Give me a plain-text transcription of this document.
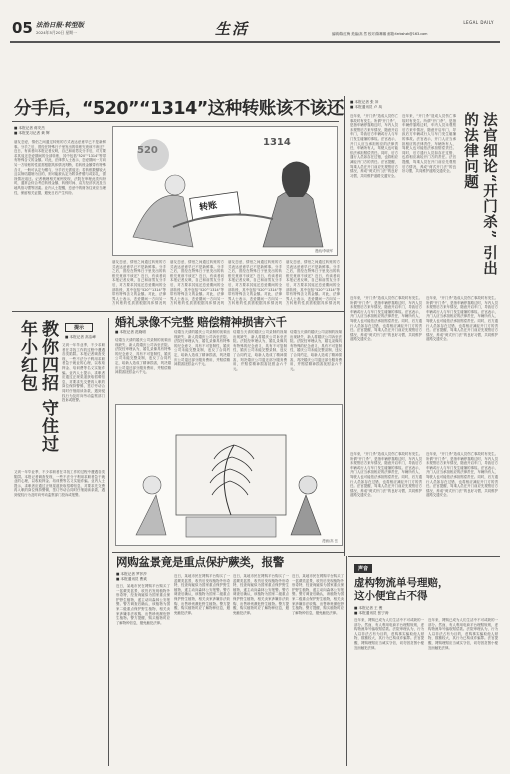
05 法治日报·转型版
2024年5月20日 星期一	生活	LEGAL DAILY
编辑/陈红梅 美编/高 然 校对/陈琳娜 邮箱:fzrbshzk@163.com
分手后，“520”“1314”这种转账该不该还
■ 本报记者 蒋安杰
■ 本报见习记者 黄 辉
朋友恋爱，情侣之间通过转账的方式表达爱意早已不是新鲜事。分手之后，曾经在特殊日子里发出的转账究竟该不该还？近日，有读者向本报记者反映，自己和前男友分手后，对方要求其返还恋爱期间的全部转账，其中包括“520”“1314”等带有特殊含义的金额。对此，法律界人士表示，恋爱期间一方向另一方转账的性质需根据具体情况判断，若转账金额带有特殊含义，一般可认定为赠与，分手后无需返还；若转账数额较大且以缔结婚姻为目的，则可能被认定为附条件赠与或彩礼，需视情况返还。记者梳理相关案例发现，法院在审理此类纠纷时，通常会综合考虑转账金额、转账时间、双方经济状况及当地风俗习惯等因素。业内人士提醒，恋爱中的财务往来应当理性，保留相关证据，避免日后产生纠纷。
520
1314
转账
漫画/李晓军
朋友恋爱，情侣之间通过转账的方式表达爱意早已不是新鲜事。分手之后，曾经在特殊日子里发出的转账究竟该不该还？近日，有读者向本报记者反映，自己和前男友分手后，对方要求其返还恋爱期间的全部转账，其中包括“520”“1314”等带有特殊含义的金额。对此，法律界人士表示，恋爱期间一方向另一方转账的性质需根据具体情况判
朋友恋爱，情侣之间通过转账的方式表达爱意早已不是新鲜事。分手之后，曾经在特殊日子里发出的转账究竟该不该还？近日，有读者向本报记者反映，自己和前男友分手后，对方要求其返还恋爱期间的全部转账，其中包括“520”“1314”等带有特殊含义的金额。对此，法律界人士表示，恋爱期间一方向另一方转账的性质需根据具体情况判
朋友恋爱，情侣之间通过转账的方式表达爱意早已不是新鲜事。分手之后，曾经在特殊日子里发出的转账究竟该不该还？近日，有读者向本报记者反映，自己和前男友分手后，对方要求其返还恋爱期间的全部转账，其中包括“520”“1314”等带有特殊含义的金额。对此，法律界人士表示，恋爱期间一方向另一方转账的性质需根据具体情况判
朋友恋爱，情侣之间通过转账的方式表达爱意早已不是新鲜事。分手之后，曾经在特殊日子里发出的转账究竟该不该还？近日，有读者向本报记者反映，自己和前男友分手后，对方要求其返还恋爱期间的全部转账，其中包括“520”“1314”等带有特殊含义的金额。对此，法律界人士表示，恋爱期间一方向另一方转账的性质需根据具体情况判
■ 本报记者 张 冲
■ 本报通讯员 卢 凤
法官细论“开门杀” 引出的法律问题
近年来，“开门杀”造成人员伤亡事故时有发生。所谓“开门杀”，是指车辆停靠路边时，车内人员未观察后方来车情况，随意开启车门，导致后方车辆或行人与车门发生碰撞的事故。法官表示，开门人应当承担相应的法律责任，车辆所有人、驾驶人也可能依法承担赔偿责任。同时，后方通行人员如存在过错，也将相应减轻开门方的责任。法官提醒，驾乘人员在开门前应先观察后方情况，养成“荷式开门法”的良好习惯，共同维护道路交通安全。
近年来，“开门杀”造成人员伤亡事故时有发生。所谓“开门杀”，是指车辆停靠路边时，车内人员未观察后方来车情况，随意开启车门，导致后方车辆或行人与车门发生碰撞的事故。法官表示，开门人应当承担相应的法律责任，车辆所有人、驾驶人也可能依法承担赔偿责任。同时，后方通行人员如存在过错，也将相应减轻开门方的责任。法官提醒，驾乘人员在开门前应先观察后方情况，养成“荷式开门法”的良好习惯，共同维护道路交通安全。
近年来，“开门杀”造成人员伤亡事故时有发生。所谓“开门杀”，是指车辆停靠路边时，车内人员未观察后方来车情况，随意开启车门，导致后方车辆或行人与车门发生碰撞的事故。法官表示，开门人应当承担相应的法律责任，车辆所有人、驾驶人也可能依法承担赔偿责任。同时，后方通行人员如存在过错，也将相应减轻开门方的责任。法官提醒，驾乘人员在开门前应先观察后方情况，养成“荷式开门法”的良好习惯，共同维护道路交通安全。
近年来，“开门杀”造成人员伤亡事故时有发生。所谓“开门杀”，是指车辆停靠路边时，车内人员未观察后方来车情况，随意开启车门，导致后方车辆或行人与车门发生碰撞的事故。法官表示，开门人应当承担相应的法律责任，车辆所有人、驾驶人也可能依法承担赔偿责任。同时，后方通行人员如存在过错，也将相应减轻开门方的责任。法官提醒，驾乘人员在开门前应先观察后方情况，养成“荷式开门法”的良好习惯，共同维护道路交通安全。
近年来，“开门杀”造成人员伤亡事故时有发生。所谓“开门杀”，是指车辆停靠路边时，车内人员未观察后方来车情况，随意开启车门，导致后方车辆或行人与车门发生碰撞的事故。法官表示，开门人应当承担相应的法律责任，车辆所有人、驾驶人也可能依法承担赔偿责任。同时，后方通行人员如存在过错，也将相应减轻开门方的责任。法官提醒，驾乘人员在开门前应先观察后方情况，养成“荷式开门法”的良好习惯，共同维护道路交通安全。
近年来，“开门杀”造成人员伤亡事故时有发生。所谓“开门杀”，是指车辆停靠路边时，车内人员未观察后方来车情况，随意开启车门，导致后方车辆或行人与车门发生碰撞的事故。法官表示，开门人应当承担相应的法律责任，车辆所有人、驾驶人也可能依法承担赔偿责任。同时，后方通行人员如存在过错，也将相应减轻开门方的责任。法官提醒，驾乘人员在开门前应先观察后方情况，养成“荷式开门法”的良好习惯，共同维护道路交通安全。
教你四招 守住过年小红包	提示
■ 本报记者 高洁峰
又到一年毕业季，不少求职者在寻找工作的过程中遭遇各类陷阱。本报记者调查发现，一些不法分子利用求职者急于就业的心理，以收取押金、培训费等名义实施诈骗。业内人士提示，求职者应通过正规渠道获取招聘信息，对要求先交费再入职的岗位保持警惕，签订劳动合同时仔细阅读条款，遇到侵权行为及时向劳动监察部门投诉或报警。
又到一年毕业季，不少求职者在寻找工作的过程中遭遇各类陷阱。本报记者调查发现，一些不法分子利用求职者急于就业的心理，以收取押金、培训费等名义实施诈骗。业内人士提示，求职者应通过正规渠道获取招聘信息，对要求先交费再入职的岗位保持警惕，签订劳动合同时仔细阅读条款，遇到侵权行为及时向劳动监察部门投诉或报警。
婚礼录像不完整 赔偿精神损害六千
■ 本报记者 范晓明
结婚当天请的婚庆公司录制的视频出现缺失，新人将婚庆公司诉至法院。法院经审理认为，婚礼录像具有特殊的纪念意义，具有不可复制性，婚庆公司未能完整录制，违反了合同约定，给新人造成了精神损害，判决婚庆公司退还部分服务费用，并赔偿精神损害抚慰金六千元。
结婚当天请的婚庆公司录制的视频出现缺失，新人将婚庆公司诉至法院。法院经审理认为，婚礼录像具有特殊的纪念意义，具有不可复制性，婚庆公司未能完整录制，违反了合同约定，给新人造成了精神损害，判决婚庆公司退还部分服务费用，并赔偿精神损害抚慰金六千元。
结婚当天请的婚庆公司录制的视频出现缺失，新人将婚庆公司诉至法院。法院经审理认为，婚礼录像具有特殊的纪念意义，具有不可复制性，婚庆公司未能完整录制，违反了合同约定，给新人造成了精神损害，判决婚庆公司退还部分服务费用，并赔偿精神损害抚慰金六千元。
结婚当天请的婚庆公司录制的视频出现缺失，新人将婚庆公司诉至法院。法院经审理认为，婚礼录像具有特殊的纪念意义，具有不可复制性，婚庆公司未能完整录制，违反了合同约定，给新人造成了精神损害，判决婚庆公司退还部分服务费用，并赔偿精神损害抚慰金六千元。
漫画/高 岳
网购盆景竟是重点保护蕨类，报警
■ 本报记者 罗莎莎
■ 本报通讯员 曹欢
近日，某地市民在网购平台购买了一盆蕨类盆景，收货后发现植物外形奇特，经查询疑似为国家重点保护野生植物，遂主动向森林公安报警。警方调查后确认，该植物为国家二级重点保护野生植物，相关卖家涉嫌非法收购、出售珍贵濒危野生植物。警方提醒，购买植物时应了解物种信息，避免触犯法律。
近日，某地市民在网购平台购买了一盆蕨类盆景，收货后发现植物外形奇特，经查询疑似为国家重点保护野生植物，遂主动向森林公安报警。警方调查后确认，该植物为国家二级重点保护野生植物，相关卖家涉嫌非法收购、出售珍贵濒危野生植物。警方提醒，购买植物时应了解物种信息，避免触犯法律。
近日，某地市民在网购平台购买了一盆蕨类盆景，收货后发现植物外形奇特，经查询疑似为国家重点保护野生植物，遂主动向森林公安报警。警方调查后确认，该植物为国家二级重点保护野生植物，相关卖家涉嫌非法收购、出售珍贵濒危野生植物。警方提醒，购买植物时应了解物种信息，避免触犯法律。
近日，某地市民在网购平台购买了一盆蕨类盆景，收货后发现植物外形奇特，经查询疑似为国家重点保护野生植物，遂主动向森林公安报警。警方调查后确认，该植物为国家二级重点保护野生植物，相关卖家涉嫌非法收购、出售珍贵濒危野生植物。警方提醒，购买植物时应了解物种信息，避免触犯法律。
声音
虚构物流单号理赔，
这小便宜占不得
■ 本报记者 王 俊
■ 本报通讯员 张宁涛
近年来，网购已成为人们生活中不可或缺的一部分。然而，有人利用电商平台理赔规则，虚构物流单号骗取赔偿款。法院审理认为，行为人以非法占有为目的，虚构事实骗取他人财物，数额较大，其行为已构成诈骗罪。法官提醒，网购理赔应当诚实守信，切勿因贪图小便宜而触犯法律。
近年来，网购已成为人们生活中不可或缺的一部分。然而，有人利用电商平台理赔规则，虚构物流单号骗取赔偿款。法院审理认为，行为人以非法占有为目的，虚构事实骗取他人财物，数额较大，其行为已构成诈骗罪。法官提醒，网购理赔应当诚实守信，切勿因贪图小便宜而触犯法律。
